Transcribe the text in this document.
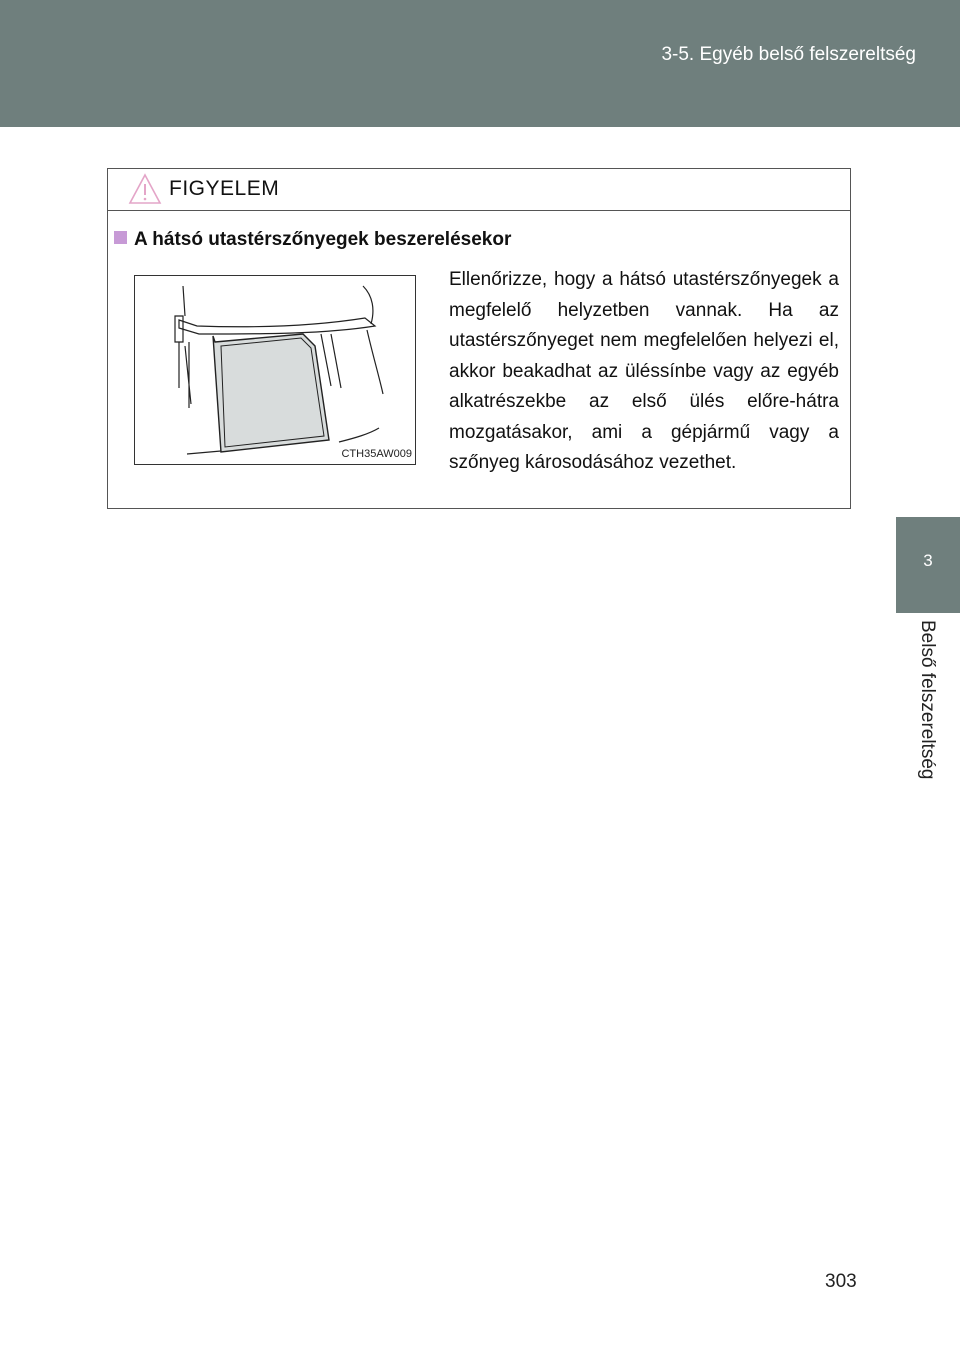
3-5. Egyéb belső felszereltség
3
Belső felszereltség
FIGYELEM
A hátsó utastérszőnyegek beszerelésekor
CTH35AW009
Ellenőrizze, hogy a hátsó utastérszőnyegek a megfelelő helyzetben vannak. Ha az utastérszőnyeget nem megfelelően helyezi el, akkor beakadhat az üléssínbe vagy az egyéb alkatrészekbe az első ülés előre-hátra mozgatásakor, ami a gépjármű vagy a szőnyeg károsodásához vezethet.
303
